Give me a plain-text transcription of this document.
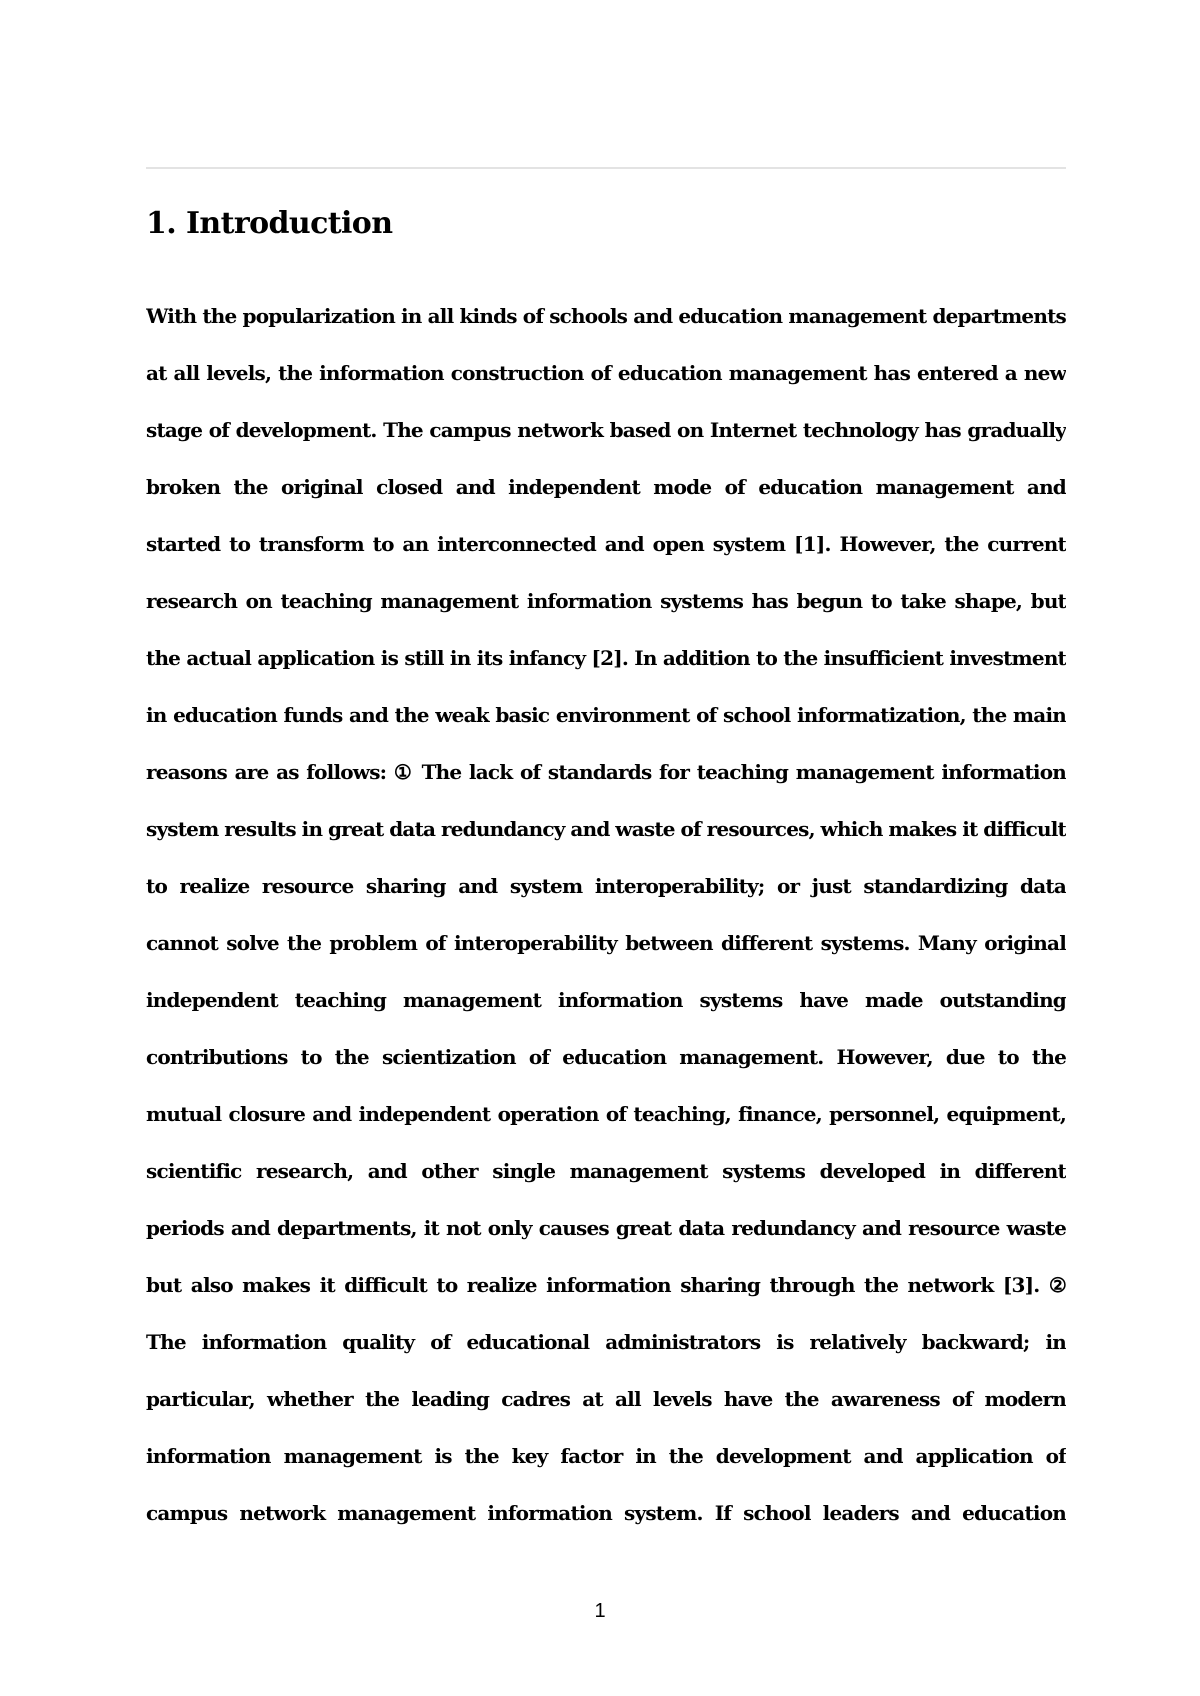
1. Introduction
With the popularization in all kinds of schools and education management departments
at all levels, the information construction of education management has entered a new
stage of development. The campus network based on Internet technology has gradually
broken the original closed and independent mode of education management and
started to transform to an interconnected and open system [1]. However, the current
research on teaching management information systems has begun to take shape, but
the actual application is still in its infancy [2]. In addition to the insufficient investment
in education funds and the weak basic environment of school informatization, the main
reasons are as follows: ① The lack of standards for teaching management information
system results in great data redundancy and waste of resources, which makes it difficult
to realize resource sharing and system interoperability; or just standardizing data
cannot solve the problem of interoperability between different systems. Many original
independent teaching management information systems have made outstanding
contributions to the scientization of education management. However, due to the
mutual closure and independent operation of teaching, finance, personnel, equipment,
scientific research, and other single management systems developed in different
periods and departments, it not only causes great data redundancy and resource waste
but also makes it difficult to realize information sharing through the network [3]. ②
The information quality of educational administrators is relatively backward; in
particular, whether the leading cadres at all levels have the awareness of modern
information management is the key factor in the development and application of
campus network management information system. If school leaders and education
1
